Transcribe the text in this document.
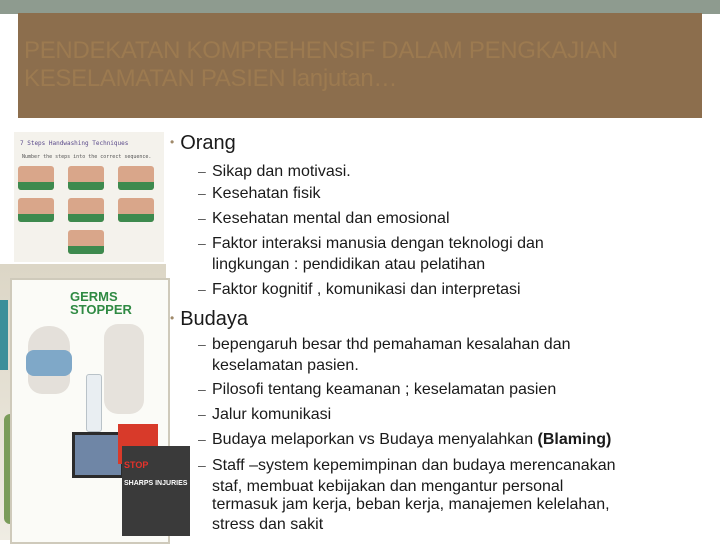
PENDEKATAN KOMPREHENSIF DALAM PENGKAJIAN
KESELAMATAN PASIEN lanjutan…
7 Steps Handwashing Techniques
Number the steps into the correct sequence.
GERMS
STOPPER
STOP
SHARPS INJURIES
• Orang
– Sikap dan motivasi.
– Kesehatan fisik
– Kesehatan mental dan emosional
– Faktor interaksi manusia dengan teknologi dan
lingkungan : pendidikan atau pelatihan
– Faktor kognitif , komunikasi dan interpretasi
• Budaya
– bepengaruh besar thd pemahaman kesalahan dan
keselamatan pasien.
– Pilosofi tentang keamanan ; keselamatan pasien
– Jalur komunikasi
– Budaya melaporkan vs Budaya menyalahkan (Blaming)
– Staff –system kepemimpinan dan budaya merencanakan
staf, membuat kebijakan dan mengantur personal
termasuk jam kerja, beban kerja, manajemen kelelahan,
stress dan sakit
